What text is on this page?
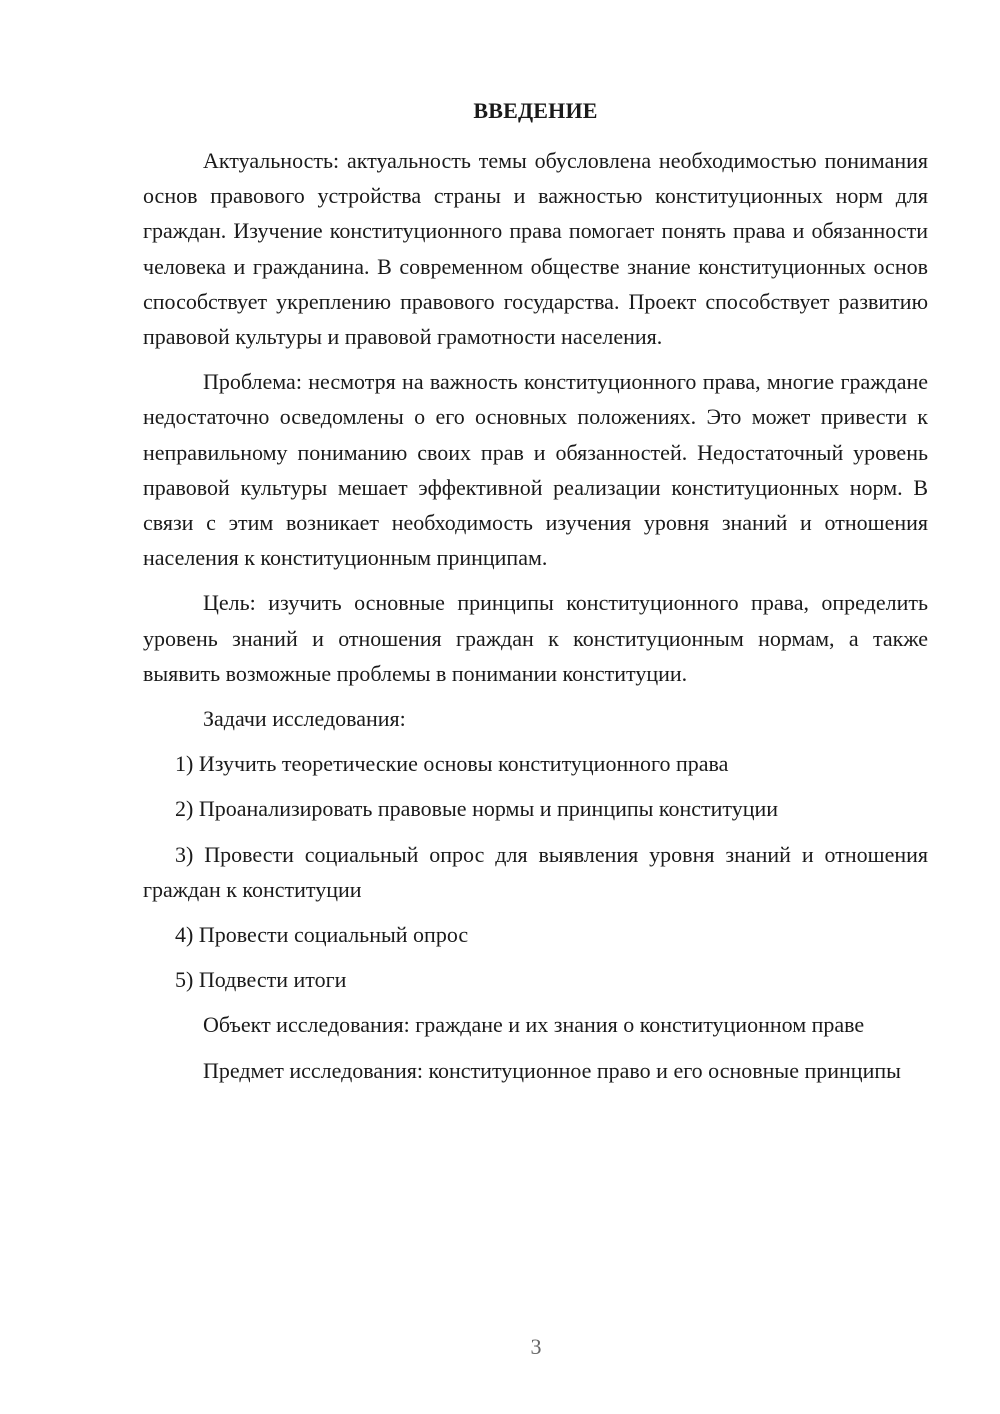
ВВЕДЕНИЕ

Актуальность: актуальность темы обусловлена необходимостью понимания основ правового устройства страны и важностью конституционных норм для граждан. Изучение конституционного права помогает понять права и обязанности человека и гражданина. В современном обществе знание конституционных основ способствует укреплению правового государства. Проект способствует развитию правовой культуры и правовой грамотности населения.

Проблема: несмотря на важность конституционного права, многие граждане недостаточно осведомлены о его основных положениях. Это может привести к неправильному пониманию своих прав и обязанностей. Недостаточный уровень правовой культуры мешает эффективной реализации конституционных норм. В связи с этим возникает необходимость изучения уровня знаний и отношения населения к конституционным принципам.

Цель: изучить основные принципы конституционного права, определить уровень знаний и отношения граждан к конституционным нормам, а также выявить возможные проблемы в понимании конституции.

Задачи исследования:

1) Изучить теоретические основы конституционного права

2) Проанализировать правовые нормы и принципы конституции

3) Провести социальный опрос для выявления уровня знаний и отношения граждан к конституции

4) Провести социальный опрос

5) Подвести итоги

Объект исследования: граждане и их знания о конституционном праве

Предмет исследования: конституционное право и его основные принципы

3
